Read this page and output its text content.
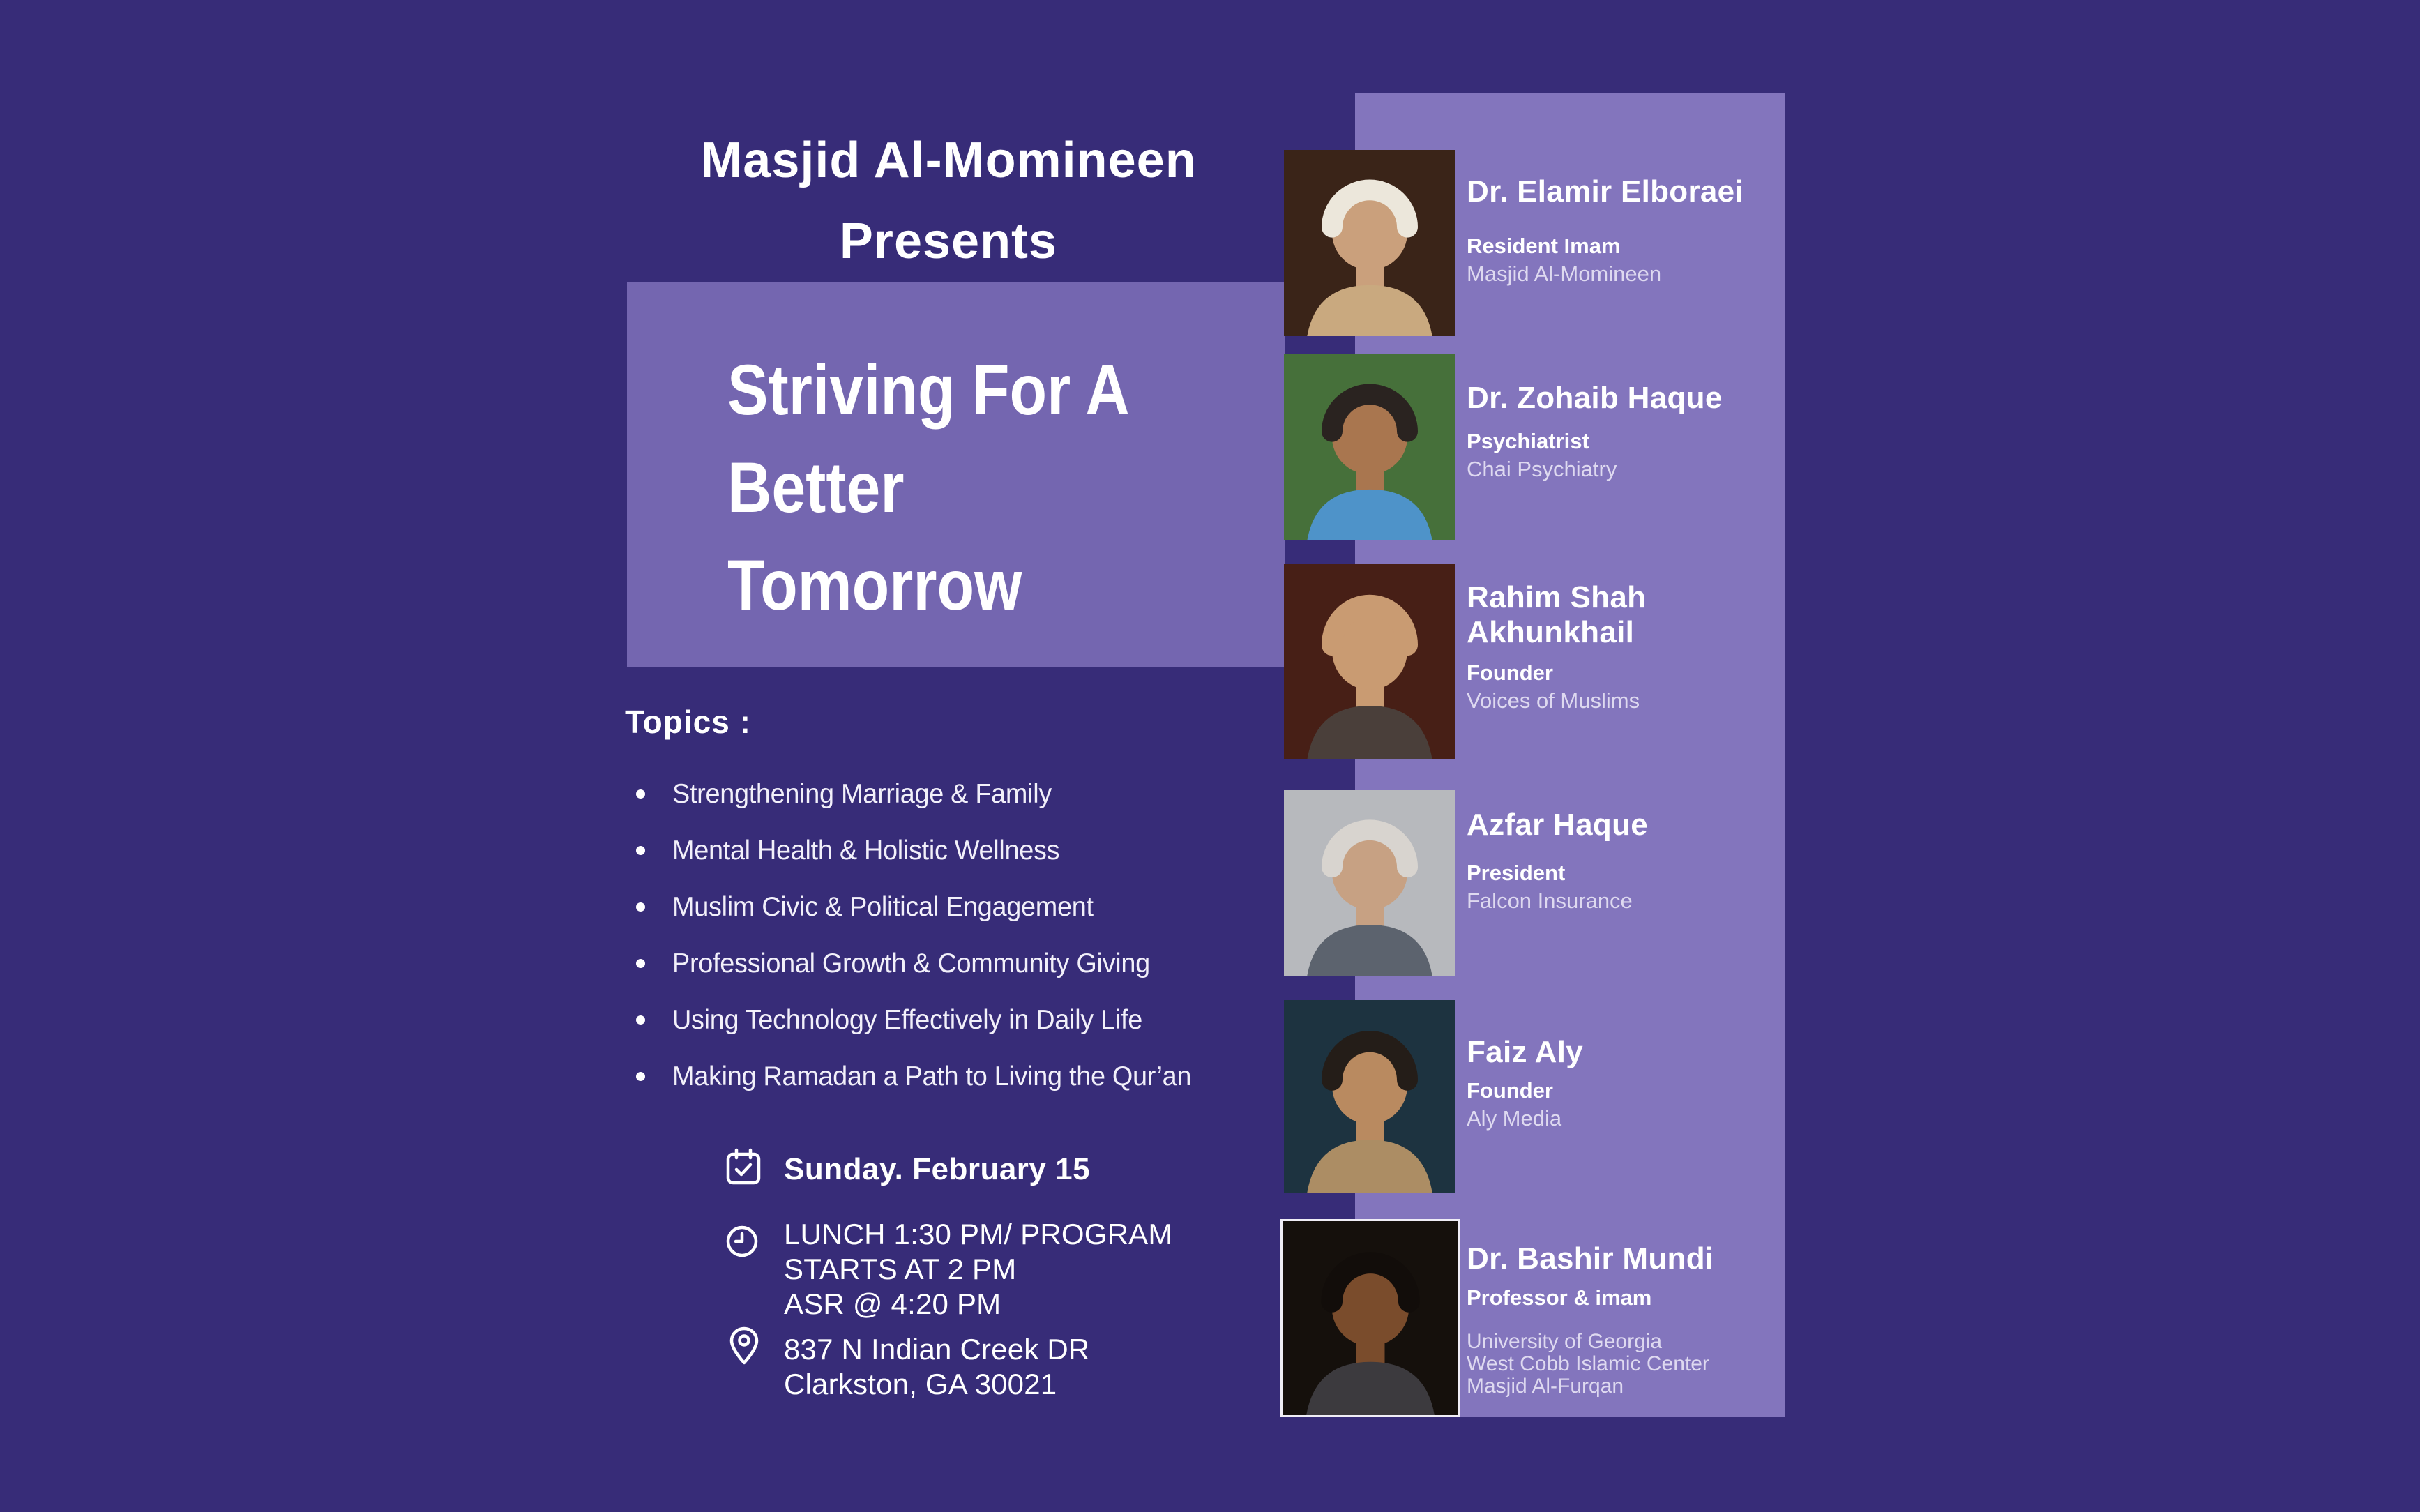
Masjid Al-Momineen
Presents
Striving For A
Better
Tomorrow
Topics :
Strengthening Marriage & Family
Mental Health & Holistic Wellness
Muslim Civic & Political Engagement
Professional Growth & Community Giving
Using Technology Effectively in Daily Life
Making Ramadan a Path to Living the Qur’an
Sunday. February 15
LUNCH 1:30 PM/ PROGRAM
STARTS AT 2 PM
ASR @ 4:20 PM
837 N Indian Creek DR
Clarkston, GA 30021
Dr. Elamir Elboraei
Resident Imam
Masjid Al-Momineen
Dr. Zohaib Haque
Psychiatrist
Chai Psychiatry
Rahim Shah Akhunkhail
Founder
Voices of Muslims
Azfar Haque
President
Falcon Insurance
Faiz Aly
Founder
Aly Media
Dr. Bashir Mundi
Professor & imam
University of Georgia
West Cobb Islamic Center
Masjid Al-Furqan
